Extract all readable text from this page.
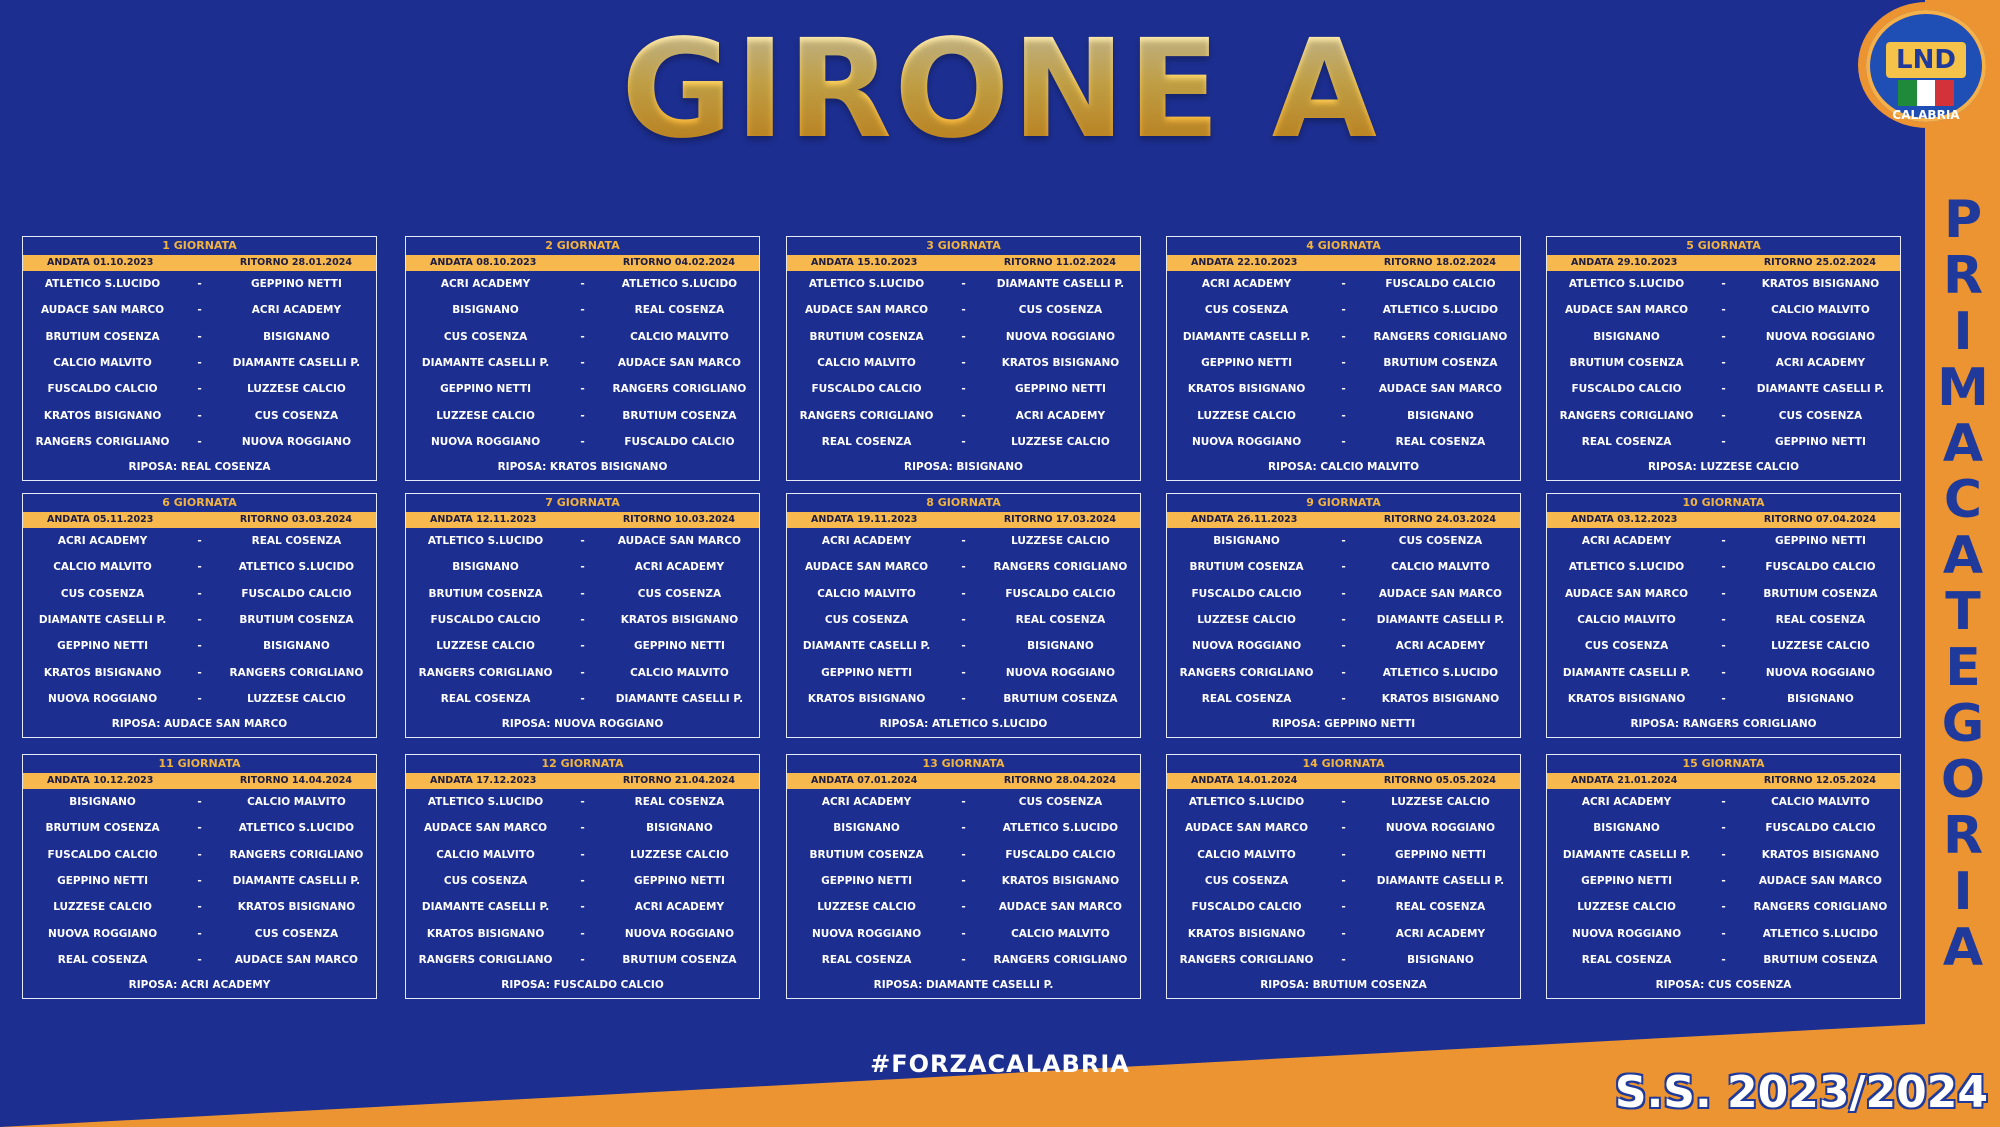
GIRONE A	LND
CALABRIA
P
R
I
M
A
C
A
T
E
G
O
R
I
A
1 GIORNATA
ANDATA 01.10.2023	RITORNO 28.01.2024
ATLETICO S.LUCIDO	-	GEPPINO NETTI
AUDACE SAN MARCO	-	ACRI ACADEMY
BRUTIUM COSENZA	-	BISIGNANO
CALCIO MALVITO	-	DIAMANTE CASELLI P.
FUSCALDO CALCIO	-	LUZZESE CALCIO
KRATOS BISIGNANO	-	CUS COSENZA
RANGERS CORIGLIANO	-	NUOVA ROGGIANO
RIPOSA: REAL COSENZA
2 GIORNATA
ANDATA 08.10.2023	RITORNO 04.02.2024
ACRI ACADEMY	-	ATLETICO S.LUCIDO
BISIGNANO	-	REAL COSENZA
CUS COSENZA	-	CALCIO MALVITO
DIAMANTE CASELLI P.	-	AUDACE SAN MARCO
GEPPINO NETTI	-	RANGERS CORIGLIANO
LUZZESE CALCIO	-	BRUTIUM COSENZA
NUOVA ROGGIANO	-	FUSCALDO CALCIO
RIPOSA: KRATOS BISIGNANO
3 GIORNATA
ANDATA 15.10.2023	RITORNO 11.02.2024
ATLETICO S.LUCIDO	-	DIAMANTE CASELLI P.
AUDACE SAN MARCO	-	CUS COSENZA
BRUTIUM COSENZA	-	NUOVA ROGGIANO
CALCIO MALVITO	-	KRATOS BISIGNANO
FUSCALDO CALCIO	-	GEPPINO NETTI
RANGERS CORIGLIANO	-	ACRI ACADEMY
REAL COSENZA	-	LUZZESE CALCIO
RIPOSA: BISIGNANO
4 GIORNATA
ANDATA 22.10.2023	RITORNO 18.02.2024
ACRI ACADEMY	-	FUSCALDO CALCIO
CUS COSENZA	-	ATLETICO S.LUCIDO
DIAMANTE CASELLI P.	-	RANGERS CORIGLIANO
GEPPINO NETTI	-	BRUTIUM COSENZA
KRATOS BISIGNANO	-	AUDACE SAN MARCO
LUZZESE CALCIO	-	BISIGNANO
NUOVA ROGGIANO	-	REAL COSENZA
RIPOSA: CALCIO MALVITO
5 GIORNATA
ANDATA 29.10.2023	RITORNO 25.02.2024
ATLETICO S.LUCIDO	-	KRATOS BISIGNANO
AUDACE SAN MARCO	-	CALCIO MALVITO
BISIGNANO	-	NUOVA ROGGIANO
BRUTIUM COSENZA	-	ACRI ACADEMY
FUSCALDO CALCIO	-	DIAMANTE CASELLI P.
RANGERS CORIGLIANO	-	CUS COSENZA
REAL COSENZA	-	GEPPINO NETTI
RIPOSA: LUZZESE CALCIO
6 GIORNATA
ANDATA 05.11.2023	RITORNO 03.03.2024
ACRI ACADEMY	-	REAL COSENZA
CALCIO MALVITO	-	ATLETICO S.LUCIDO
CUS COSENZA	-	FUSCALDO CALCIO
DIAMANTE CASELLI P.	-	BRUTIUM COSENZA
GEPPINO NETTI	-	BISIGNANO
KRATOS BISIGNANO	-	RANGERS CORIGLIANO
NUOVA ROGGIANO	-	LUZZESE CALCIO
RIPOSA: AUDACE SAN MARCO
7 GIORNATA
ANDATA 12.11.2023	RITORNO 10.03.2024
ATLETICO S.LUCIDO	-	AUDACE SAN MARCO
BISIGNANO	-	ACRI ACADEMY
BRUTIUM COSENZA	-	CUS COSENZA
FUSCALDO CALCIO	-	KRATOS BISIGNANO
LUZZESE CALCIO	-	GEPPINO NETTI
RANGERS CORIGLIANO	-	CALCIO MALVITO
REAL COSENZA	-	DIAMANTE CASELLI P.
RIPOSA: NUOVA ROGGIANO
8 GIORNATA
ANDATA 19.11.2023	RITORNO 17.03.2024
ACRI ACADEMY	-	LUZZESE CALCIO
AUDACE SAN MARCO	-	RANGERS CORIGLIANO
CALCIO MALVITO	-	FUSCALDO CALCIO
CUS COSENZA	-	REAL COSENZA
DIAMANTE CASELLI P.	-	BISIGNANO
GEPPINO NETTI	-	NUOVA ROGGIANO
KRATOS BISIGNANO	-	BRUTIUM COSENZA
RIPOSA: ATLETICO S.LUCIDO
9 GIORNATA
ANDATA 26.11.2023	RITORNO 24.03.2024
BISIGNANO	-	CUS COSENZA
BRUTIUM COSENZA	-	CALCIO MALVITO
FUSCALDO CALCIO	-	AUDACE SAN MARCO
LUZZESE CALCIO	-	DIAMANTE CASELLI P.
NUOVA ROGGIANO	-	ACRI ACADEMY
RANGERS CORIGLIANO	-	ATLETICO S.LUCIDO
REAL COSENZA	-	KRATOS BISIGNANO
RIPOSA: GEPPINO NETTI
10 GIORNATA
ANDATA 03.12.2023	RITORNO 07.04.2024
ACRI ACADEMY	-	GEPPINO NETTI
ATLETICO S.LUCIDO	-	FUSCALDO CALCIO
AUDACE SAN MARCO	-	BRUTIUM COSENZA
CALCIO MALVITO	-	REAL COSENZA
CUS COSENZA	-	LUZZESE CALCIO
DIAMANTE CASELLI P.	-	NUOVA ROGGIANO
KRATOS BISIGNANO	-	BISIGNANO
RIPOSA: RANGERS CORIGLIANO
11 GIORNATA
ANDATA 10.12.2023	RITORNO 14.04.2024
BISIGNANO	-	CALCIO MALVITO
BRUTIUM COSENZA	-	ATLETICO S.LUCIDO
FUSCALDO CALCIO	-	RANGERS CORIGLIANO
GEPPINO NETTI	-	DIAMANTE CASELLI P.
LUZZESE CALCIO	-	KRATOS BISIGNANO
NUOVA ROGGIANO	-	CUS COSENZA
REAL COSENZA	-	AUDACE SAN MARCO
RIPOSA: ACRI ACADEMY
12 GIORNATA
ANDATA 17.12.2023	RITORNO 21.04.2024
ATLETICO S.LUCIDO	-	REAL COSENZA
AUDACE SAN MARCO	-	BISIGNANO
CALCIO MALVITO	-	LUZZESE CALCIO
CUS COSENZA	-	GEPPINO NETTI
DIAMANTE CASELLI P.	-	ACRI ACADEMY
KRATOS BISIGNANO	-	NUOVA ROGGIANO
RANGERS CORIGLIANO	-	BRUTIUM COSENZA
RIPOSA: FUSCALDO CALCIO
13 GIORNATA
ANDATA 07.01.2024	RITORNO 28.04.2024
ACRI ACADEMY	-	CUS COSENZA
BISIGNANO	-	ATLETICO S.LUCIDO
BRUTIUM COSENZA	-	FUSCALDO CALCIO
GEPPINO NETTI	-	KRATOS BISIGNANO
LUZZESE CALCIO	-	AUDACE SAN MARCO
NUOVA ROGGIANO	-	CALCIO MALVITO
REAL COSENZA	-	RANGERS CORIGLIANO
RIPOSA: DIAMANTE CASELLI P.
14 GIORNATA
ANDATA 14.01.2024	RITORNO 05.05.2024
ATLETICO S.LUCIDO	-	LUZZESE CALCIO
AUDACE SAN MARCO	-	NUOVA ROGGIANO
CALCIO MALVITO	-	GEPPINO NETTI
CUS COSENZA	-	DIAMANTE CASELLI P.
FUSCALDO CALCIO	-	REAL COSENZA
KRATOS BISIGNANO	-	ACRI ACADEMY
RANGERS CORIGLIANO	-	BISIGNANO
RIPOSA: BRUTIUM COSENZA
15 GIORNATA
ANDATA 21.01.2024	RITORNO 12.05.2024
ACRI ACADEMY	-	CALCIO MALVITO
BISIGNANO	-	FUSCALDO CALCIO
DIAMANTE CASELLI P.	-	KRATOS BISIGNANO
GEPPINO NETTI	-	AUDACE SAN MARCO
LUZZESE CALCIO	-	RANGERS CORIGLIANO
NUOVA ROGGIANO	-	ATLETICO S.LUCIDO
REAL COSENZA	-	BRUTIUM COSENZA
RIPOSA: CUS COSENZA
#FORZACALABRIA
S.S. 2023/2024
